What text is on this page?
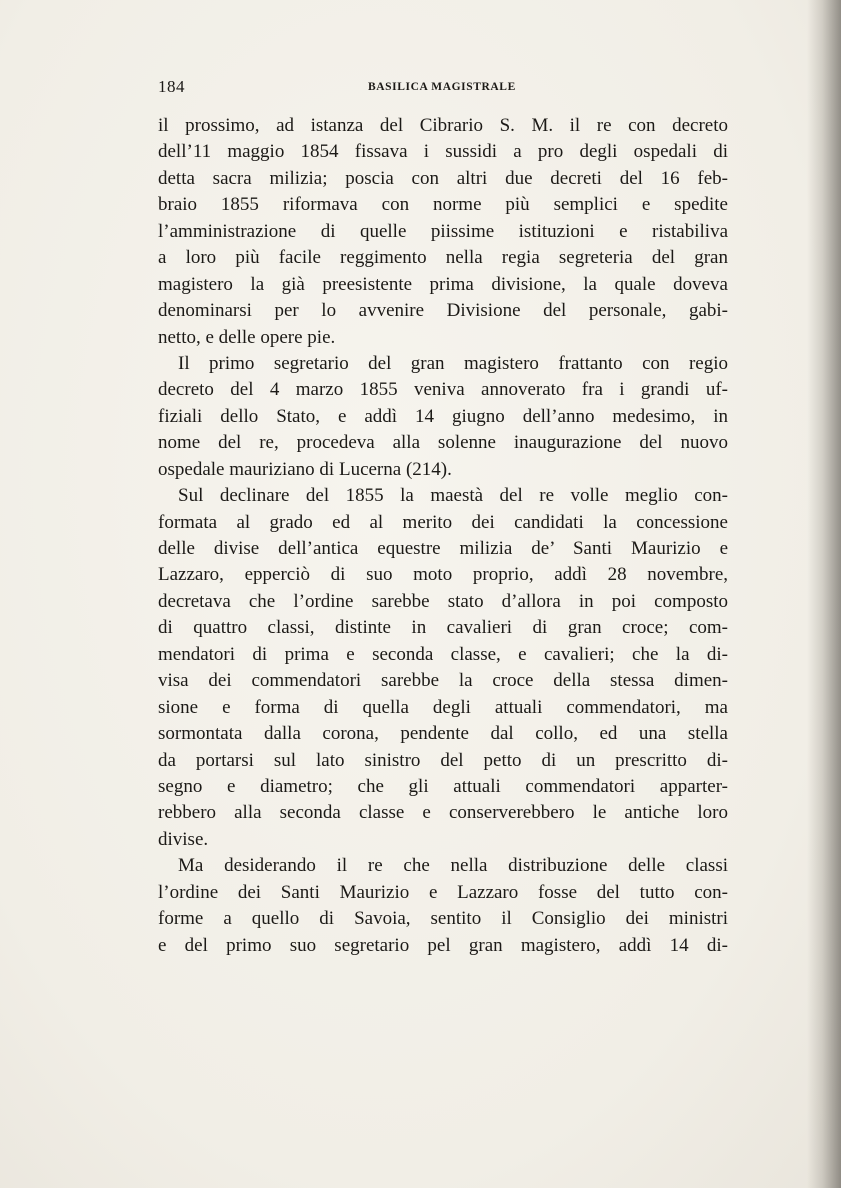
184	BASILICA MAGISTRALE
il prossimo, ad istanza del Cibrario S. M. il re con decreto
dell’11 maggio 1854 fissava i sussidi a pro degli ospedali di
detta sacra milizia; poscia con altri due decreti del 16 feb-
braio 1855 riformava con norme più semplici e spedite
l’amministrazione di quelle piissime istituzioni e ristabiliva
a loro più facile reggimento nella regia segreteria del gran
magistero la già preesistente prima divisione, la quale doveva
denominarsi per lo avvenire Divisione del personale, gabi-
netto, e delle opere pie.
Il primo segretario del gran magistero frattanto con regio
decreto del 4 marzo 1855 veniva annoverato fra i grandi uf-
fiziali dello Stato, e addì 14 giugno dell’anno medesimo, in
nome del re, procedeva alla solenne inaugurazione del nuovo
ospedale mauriziano di Lucerna (214).
Sul declinare del 1855 la maestà del re volle meglio con-
formata al grado ed al merito dei candidati la concessione
delle divise dell’antica equestre milizia de’ Santi Maurizio e
Lazzaro, epperciò di suo moto proprio, addì 28 novembre,
decretava che l’ordine sarebbe stato d’allora in poi composto
di quattro classi, distinte in cavalieri di gran croce; com-
mendatori di prima e seconda classe, e cavalieri; che la di-
visa dei commendatori sarebbe la croce della stessa dimen-
sione e forma di quella degli attuali commendatori, ma
sormontata dalla corona, pendente dal collo, ed una stella
da portarsi sul lato sinistro del petto di un prescritto di-
segno e diametro; che gli attuali commendatori apparter-
rebbero alla seconda classe e conserverebbero le antiche loro
divise.
Ma desiderando il re che nella distribuzione delle classi
l’ordine dei Santi Maurizio e Lazzaro fosse del tutto con-
forme a quello di Savoia, sentito il Consiglio dei ministri
e del primo suo segretario pel gran magistero, addì 14 di-
